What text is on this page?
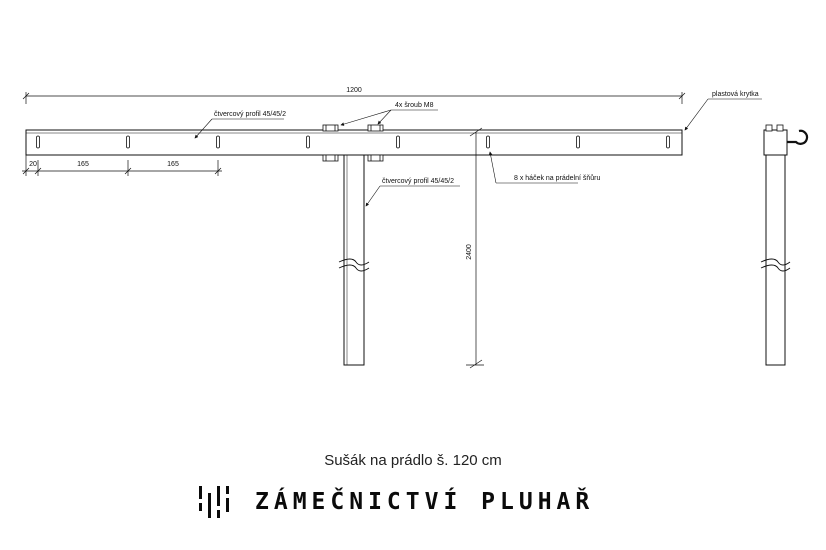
1200
2400
20	165	165
čtvercový profil 45/45/2
4x šroub M8
čtvercový profil 45/45/2	8 x háček na prádelní šňůru
plastová krytka
Sušák na prádlo š. 120 cm
ZÁMEČNICTVÍ PLUHAŘ
